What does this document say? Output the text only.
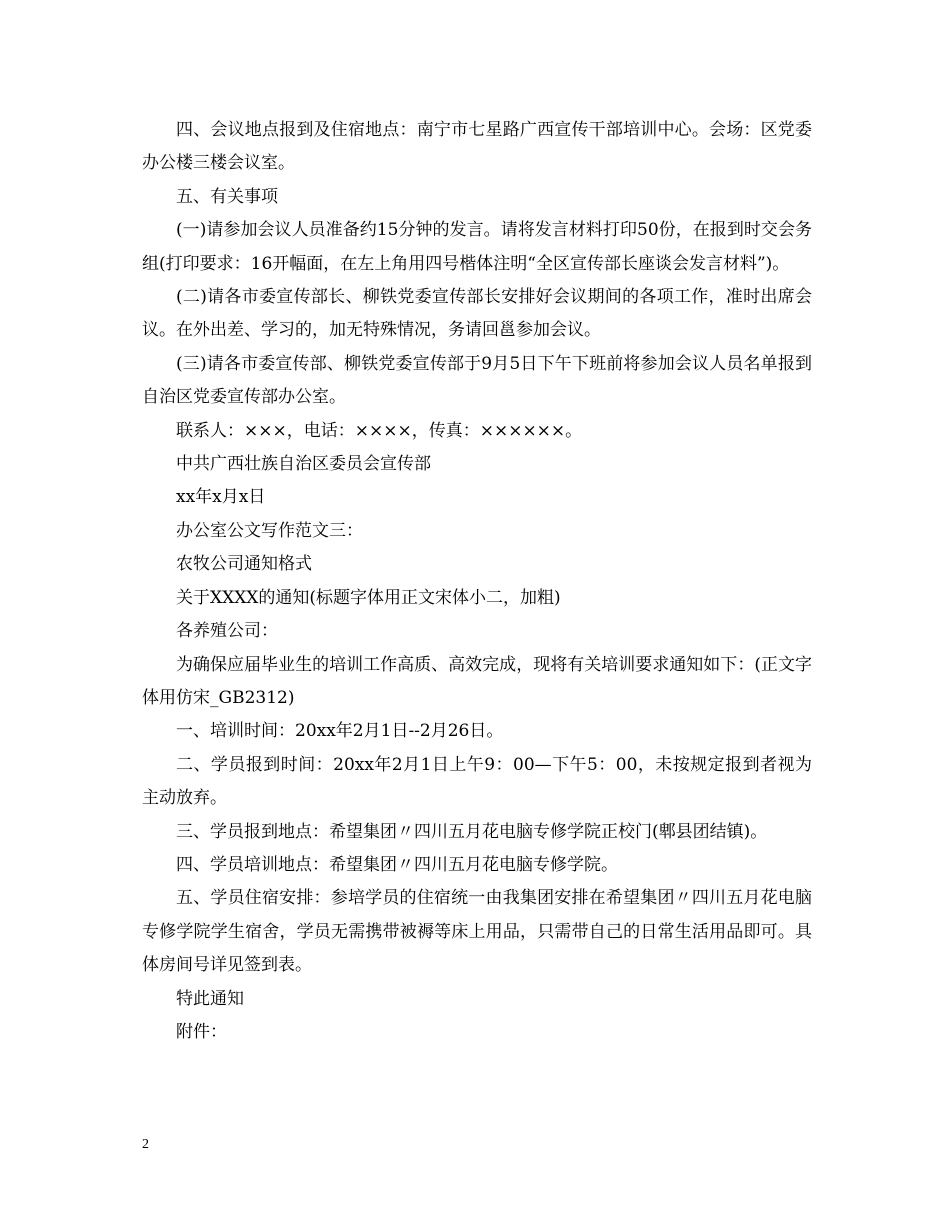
四、会议地点报到及住宿地点：南宁市七星路广西宣传干部培训中心。会场：区党委办公楼三楼会议室。

五、有关事项

(一)请参加会议人员准备约15分钟的发言。请将发言材料打印50份，在报到时交会务组(打印要求：16开幅面，在左上角用四号楷体注明“全区宣传部长座谈会发言材料”)。

(二)请各市委宣传部长、柳铁党委宣传部长安排好会议期间的各项工作，准时出席会议。在外出差、学习的，加无特殊情况，务请回邕参加会议。

(三)请各市委宣传部、柳铁党委宣传部于9月5日下午下班前将参加会议人员名单报到自治区党委宣传部办公室。

联系人：×××，电话：××××，传真：××××××。

中共广西壮族自治区委员会宣传部

xx年x月x日

办公室公文写作范文三：

农牧公司通知格式

关于XXXX的通知(标题字体用正文宋体小二，加粗)

各养殖公司：

为确保应届毕业生的培训工作高质、高效完成，现将有关培训要求通知如下：(正文字体用仿宋_GB2312)

一、培训时间：20xx年2月1日--2月26日。

二、学员报到时间：20xx年2月1日上午9：00—下午5：00，未按规定报到者视为主动放弃。

三、学员报到地点：希望集团〃四川五月花电脑专修学院正校门(郫县团结镇)。

四、学员培训地点：希望集团〃四川五月花电脑专修学院。

五、学员住宿安排：参培学员的住宿统一由我集团安排在希望集团〃四川五月花电脑专修学院学生宿舍，学员无需携带被褥等床上用品，只需带自己的日常生活用品即可。具体房间号详见签到表。

特此通知

附件：

2
